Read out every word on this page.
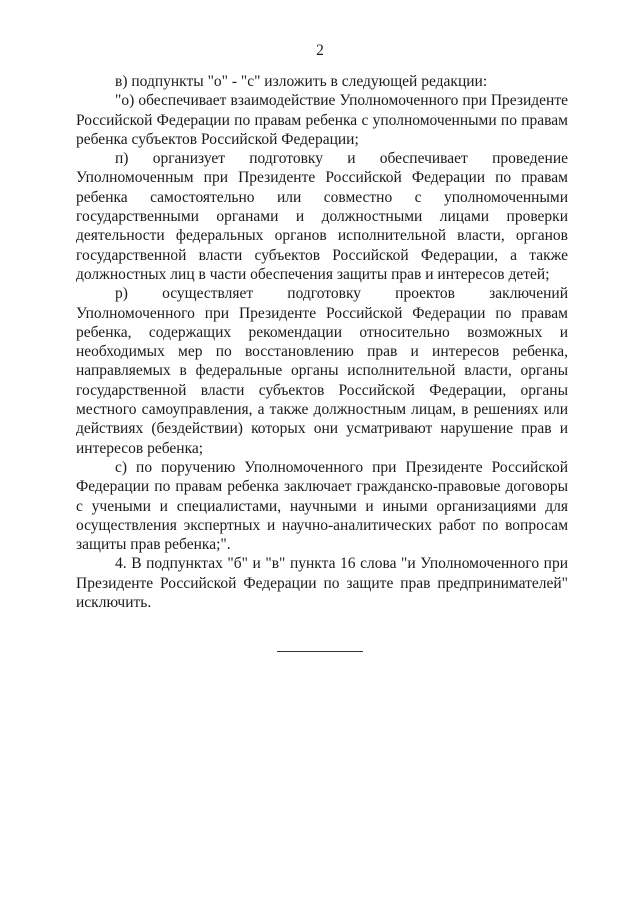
2

в) подпункты "о" - "с" изложить в следующей редакции:

"о) обеспечивает взаимодействие Уполномоченного при Президенте Российской Федерации по правам ребенка с уполномоченными по правам ребенка субъектов Российской Федерации;

п) организует подготовку и обеспечивает проведение Уполномоченным при Президенте Российской Федерации по правам ребенка самостоятельно или совместно с уполномоченными государственными органами и должностными лицами проверки деятельности федеральных органов исполнительной власти, органов государственной власти субъектов Российской Федерации, а также должностных лиц в части обеспечения защиты прав и интересов детей;

р) осуществляет подготовку проектов заключений Уполномоченного при Президенте Российской Федерации по правам ребенка, содержащих рекомендации относительно возможных и необходимых мер по восстановлению прав и интересов ребенка, направляемых в федеральные органы исполнительной власти, органы государственной власти субъектов Российской Федерации, органы местного самоуправления, а также должностным лицам, в решениях или действиях (бездействии) которых они усматривают нарушение прав и интересов ребенка;

с) по поручению Уполномоченного при Президенте Российской Федерации по правам ребенка заключает гражданско-правовые договоры с учеными и специалистами, научными и иными организациями для осуществления экспертных и научно-аналитических работ по вопросам защиты прав ребенка;".

4. В подпунктах "б" и "в" пункта 16 слова "и Уполномоченного при Президенте Российской Федерации по защите прав предпринимателей" исключить.
